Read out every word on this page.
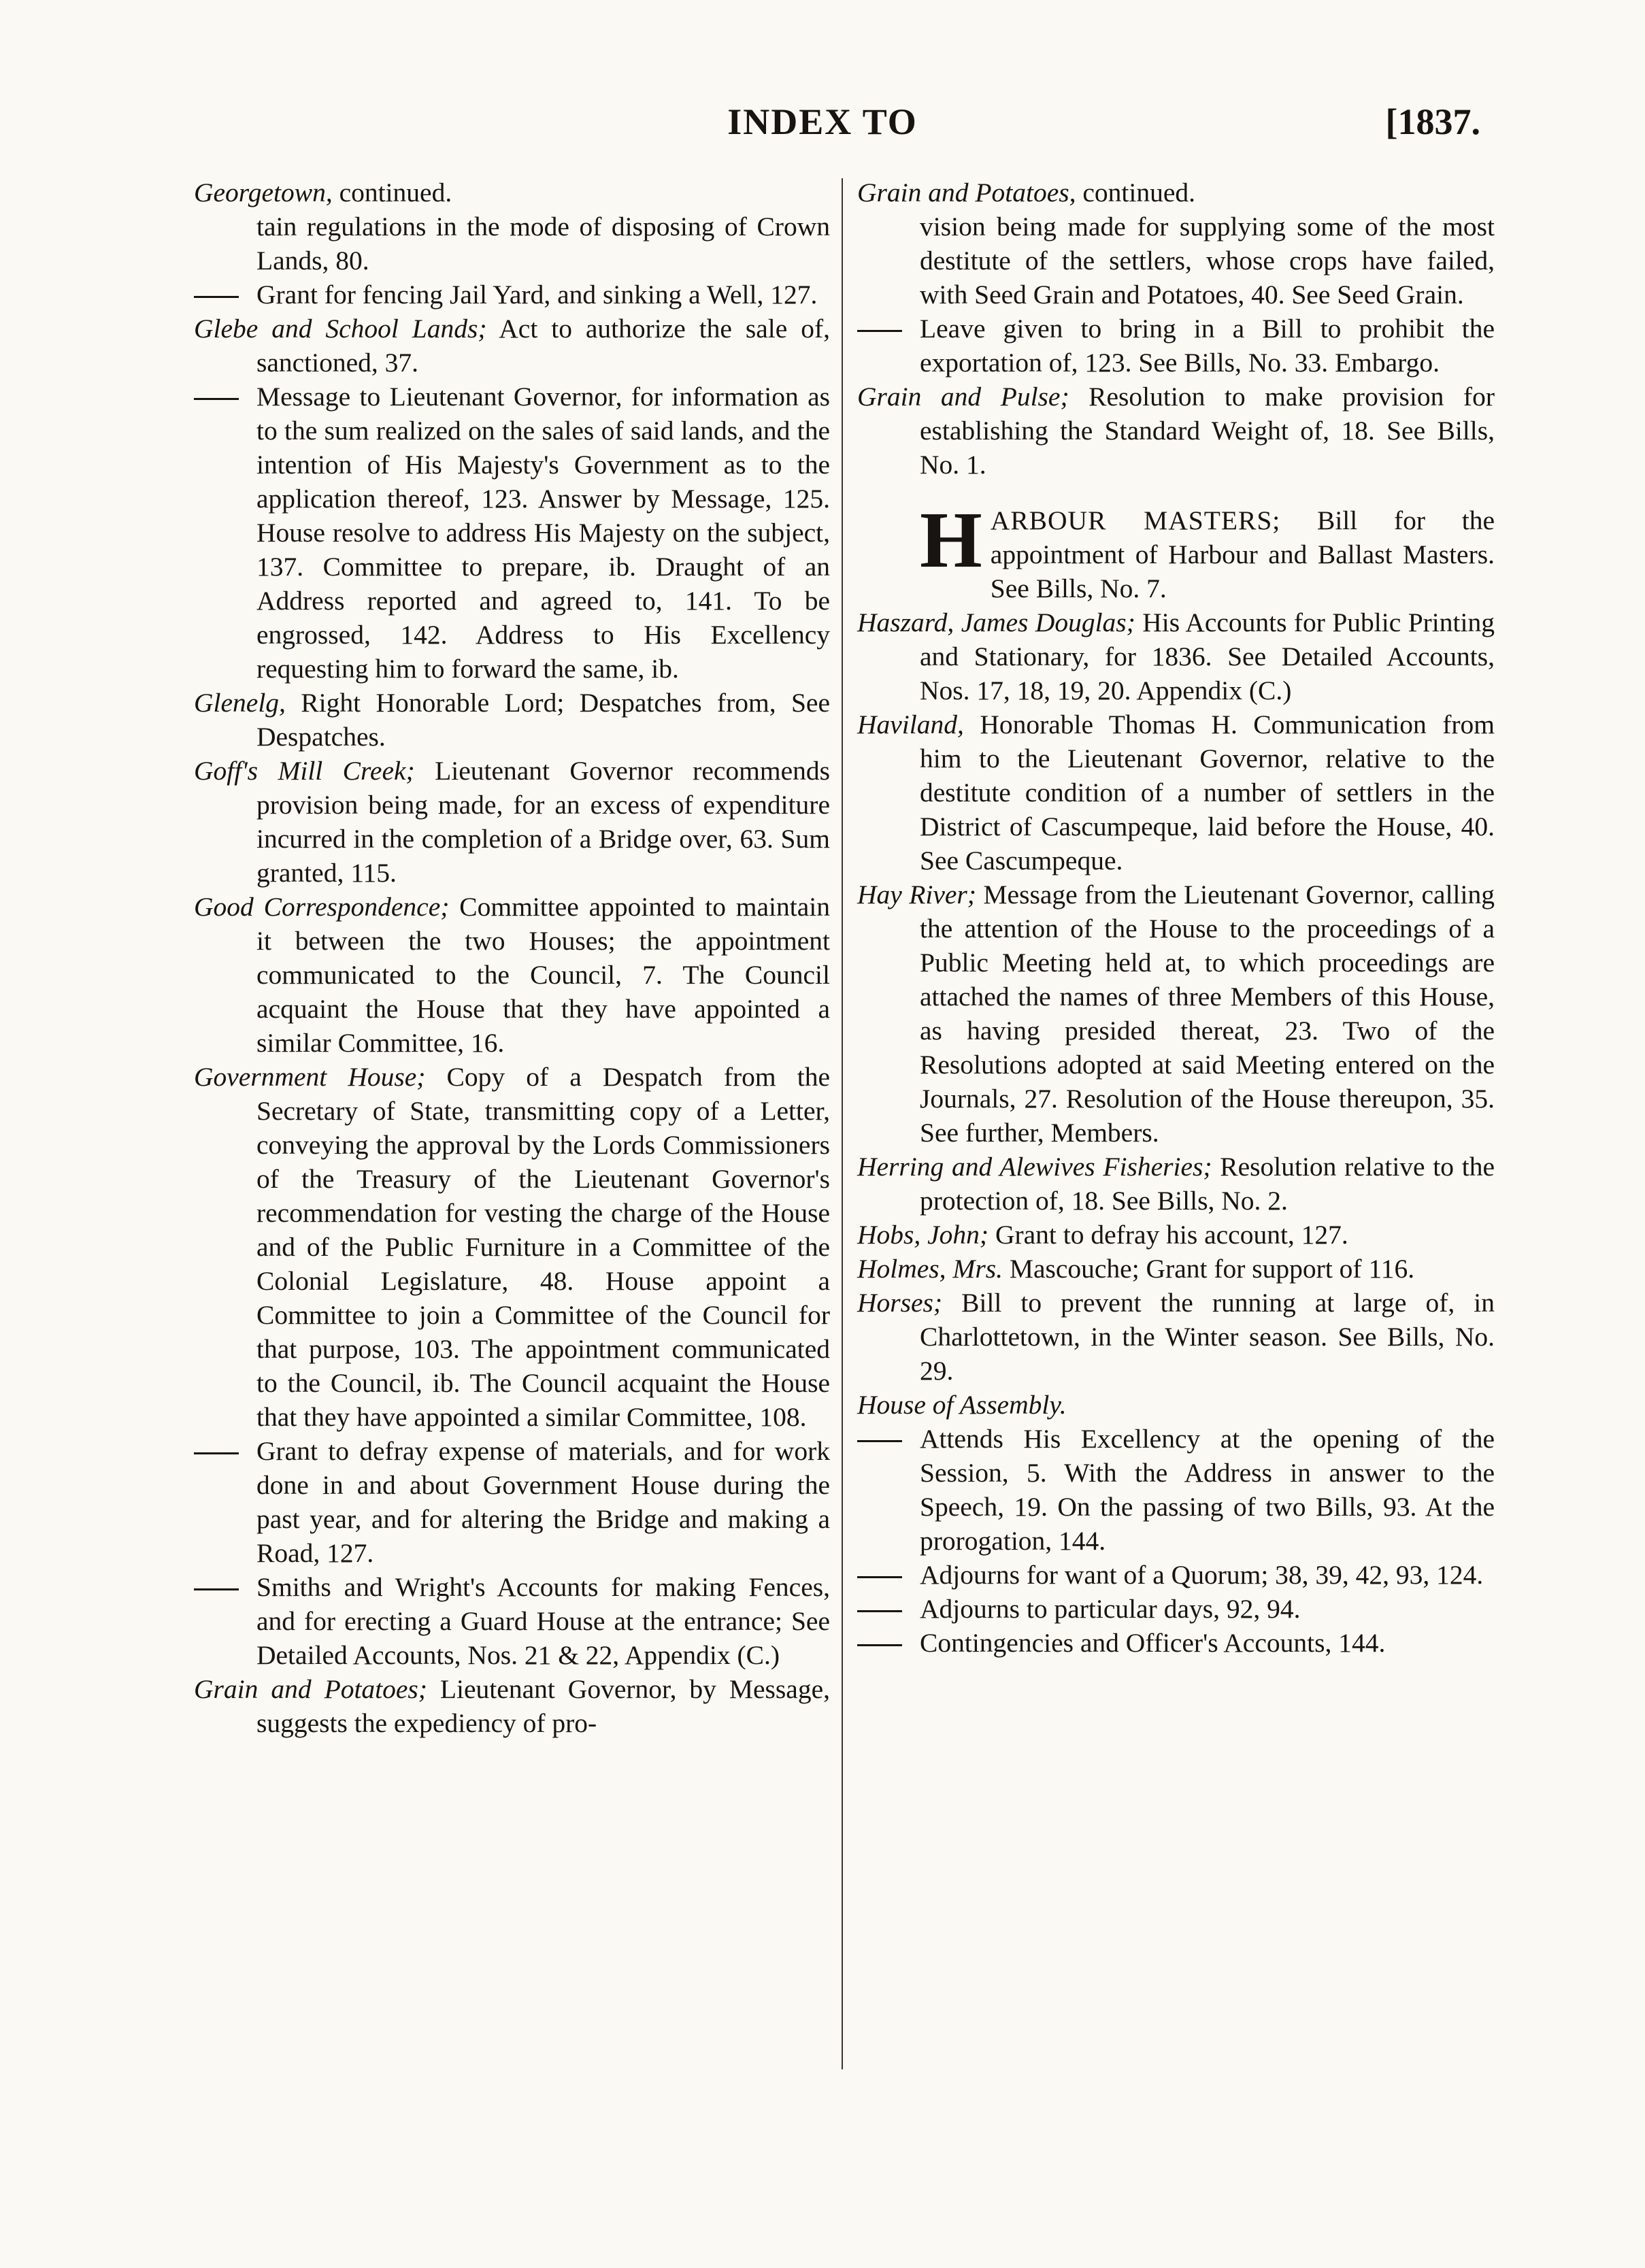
INDEX TO	[1837.

Georgetown, continued.

tain regulations in the mode of disposing of Crown Lands, 80.

Grant for fencing Jail Yard, and sinking a Well, 127.

Glebe and School Lands; Act to authorize the sale of, sanctioned, 37.

Message to Lieutenant Governor, for information as to the sum realized on the sales of said lands, and the intention of His Majesty's Government as to the application thereof, 123. Answer by Message, 125. House resolve to address His Majesty on the subject, 137. Committee to prepare, ib. Draught of an Address reported and agreed to, 141. To be engrossed, 142. Address to His Excellency requesting him to forward the same, ib.

Glenelg, Right Honorable Lord; Despatches from, See Despatches.

Goff's Mill Creek; Lieutenant Governor recommends provision being made, for an excess of expenditure incurred in the completion of a Bridge over, 63. Sum granted, 115.

Good Correspondence; Committee appointed to maintain it between the two Houses; the appointment communicated to the Council, 7. The Council acquaint the House that they have appointed a similar Committee, 16.

Government House; Copy of a Despatch from the Secretary of State, transmitting copy of a Letter, conveying the approval by the Lords Commissioners of the Treasury of the Lieutenant Governor's recommendation for vesting the charge of the House and of the Public Furniture in a Committee of the Colonial Legislature, 48. House appoint a Committee to join a Committee of the Council for that purpose, 103. The appointment communicated to the Council, ib. The Council acquaint the House that they have appointed a similar Committee, 108.

Grant to defray expense of materials, and for work done in and about Government House during the past year, and for altering the Bridge and making a Road, 127.

Smiths and Wright's Accounts for making Fences, and for erecting a Guard House at the entrance; See Detailed Accounts, Nos. 21 & 22, Appendix (C.)

Grain and Potatoes; Lieutenant Governor, by Message, suggests the expediency of pro-

Grain and Potatoes, continued.

vision being made for supplying some of the most destitute of the settlers, whose crops have failed, with Seed Grain and Potatoes, 40. See Seed Grain.

Leave given to bring in a Bill to prohibit the exportation of, 123. See Bills, No. 33. Embargo.

Grain and Pulse; Resolution to make provision for establishing the Standard Weight of, 18. See Bills, No. 1.

HARBOUR MASTERS; Bill for the appointment of Harbour and Ballast Masters. See Bills, No. 7.

Haszard, James Douglas; His Accounts for Public Printing and Stationary, for 1836. See Detailed Accounts, Nos. 17, 18, 19, 20. Appendix (C.)

Haviland, Honorable Thomas H. Communication from him to the Lieutenant Governor, relative to the destitute condition of a number of settlers in the District of Cascumpeque, laid before the House, 40. See Cascumpeque.

Hay River; Message from the Lieutenant Governor, calling the attention of the House to the proceedings of a Public Meeting held at, to which proceedings are attached the names of three Members of this House, as having presided thereat, 23. Two of the Resolutions adopted at said Meeting entered on the Journals, 27. Resolution of the House thereupon, 35. See further, Members.

Herring and Alewives Fisheries; Resolution relative to the protection of, 18. See Bills, No. 2.

Hobs, John; Grant to defray his account, 127.

Holmes, Mrs. Mascouche; Grant for support of 116.

Horses; Bill to prevent the running at large of, in Charlottetown, in the Winter season. See Bills, No. 29.

House of Assembly.

Attends His Excellency at the opening of the Session, 5. With the Address in answer to the Speech, 19. On the passing of two Bills, 93. At the prorogation, 144.

Adjourns for want of a Quorum; 38, 39, 42, 93, 124.

Adjourns to particular days, 92, 94.

Contingencies and Officer's Accounts, 144.
